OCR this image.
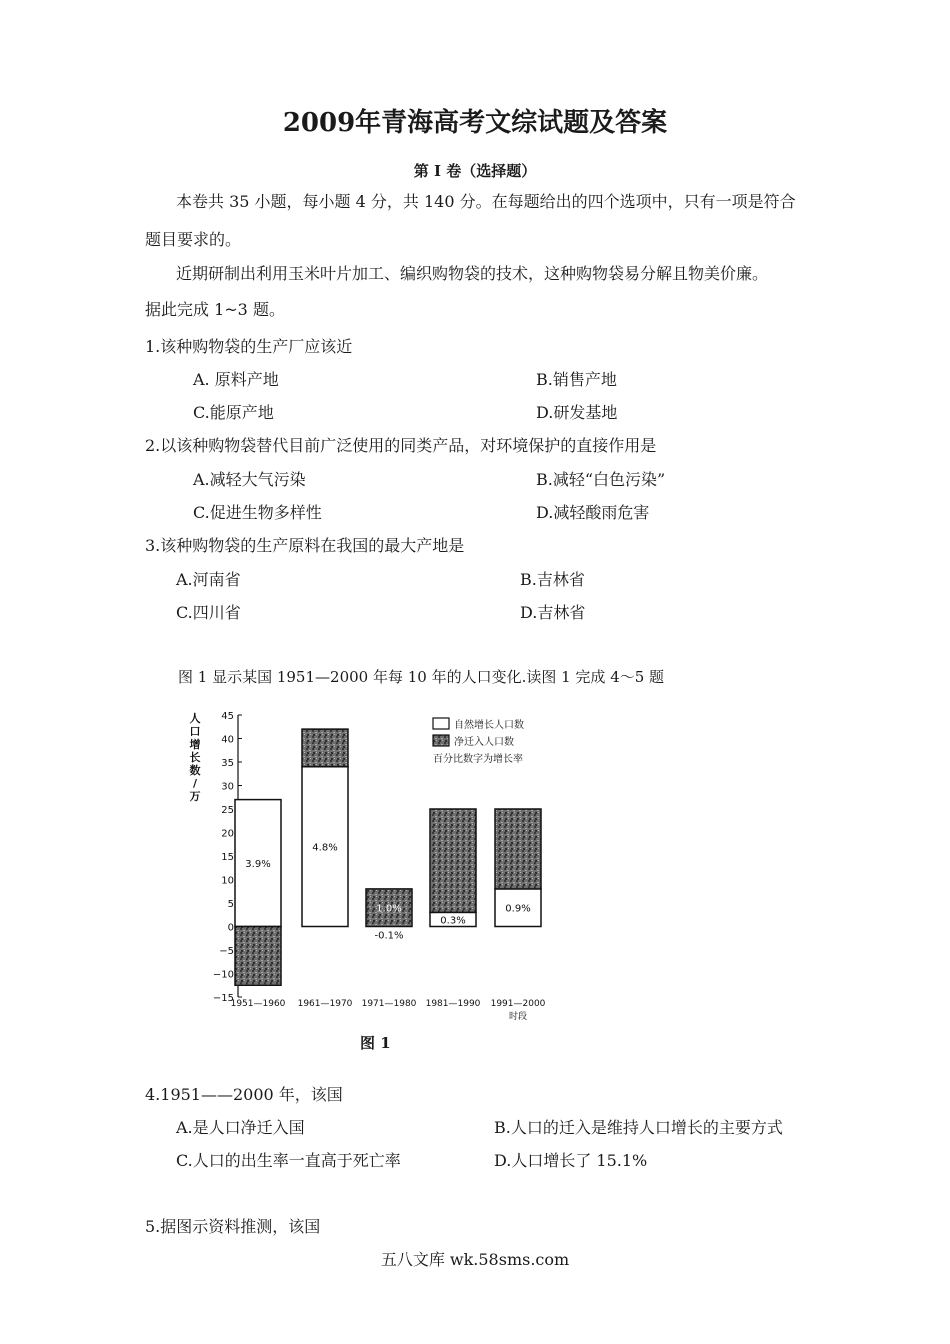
2009年青海高考文综试题及答案
第 I 卷（选择题）
本卷共 35 小题，每小题 4 分，共 140 分。在每题给出的四个选项中，只有一项是符合
题目要求的。
近期研制出利用玉米叶片加工、编织购物袋的技术，这种购物袋易分解且物美价廉。
据此完成 1~3 题。
1.该种购物袋的生产厂应该近
A. 原料产地	B.销售产地
C.能原产地	D.研发基地
2.以该种购物袋替代目前广泛使用的同类产品，对环境保护的直接作用是
A.减轻大气污染	B.减轻“白色污染”
C.促进生物多样性	D.减轻酸雨危害
3.该种购物袋的生产原料在我国的最大产地是
A.河南省	B.吉林省
C.四川省	D.吉林省
图 1 显示某国 1951—2000 年每 10 年的人口变化.读图 1 完成 4～5 题
人
口
增
长
数
/
万
−15
−10
−5
0
5
10
15
20
25
30
35
40
45
3.9%
4.8%
-0.1%
1.0%
0.3%
0.9%
1951—1960 1961—1970 1971—1980 1981—1990 1991—2000
时段
自然增长人口数
净迁入人口数
百分比数字为增长率
图 1
4.1951——2000 年，该国
A.是人口净迁入国	B.人口的迁入是维持人口增长的主要方式
C.人口的出生率一直高于死亡率	D.人口增长了 15.1%
5.据图示资料推测，该国
五八文库 wk.58sms.com
